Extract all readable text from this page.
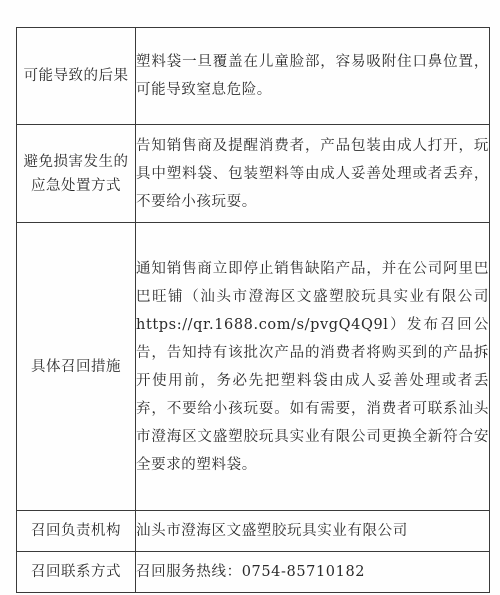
可能导致的后果	塑料袋一旦覆盖在儿童脸部，容易吸附住口鼻位置，可能导致窒息危险。
避免损害发生的应急处置方式	告知销售商及提醒消费者，产品包装由成人打开，玩具中塑料袋、包装塑料等由成人妥善处理或者丢弃，不要给小孩玩耍。
具体召回措施	通知销售商立即停止销售缺陷产品，并在公司阿里巴巴旺铺（汕头市澄海区文盛塑胶玩具实业有限公司 https://qr.1688.com/s/pvgQ4Q9l）发布召回公告，告知持有该批次产品的消费者将购买到的产品拆开使用前，务必先把塑料袋由成人妥善处理或者丢弃，不要给小孩玩耍。如有需要，消费者可联系汕头市澄海区文盛塑胶玩具实业有限公司更换全新符合安全要求的塑料袋。
召回负责机构	汕头市澄海区文盛塑胶玩具实业有限公司
召回联系方式	召回服务热线：0754-85710182
